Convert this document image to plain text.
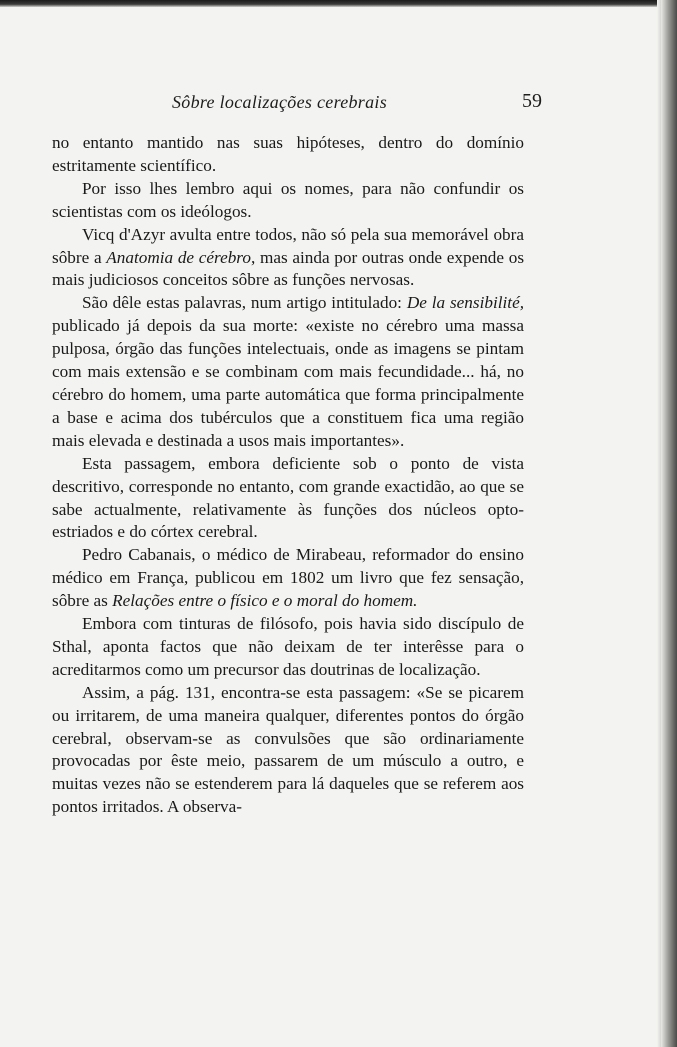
Sôbre localizações cerebrais	59

no entanto mantido nas suas hipóteses, dentro do domínio estritamente scientífico.

Por isso lhes lembro aqui os nomes, para não confundir os scientistas com os ideólogos.

Vicq d'Azyr avulta entre todos, não só pela sua memorável obra sôbre a Anatomia de cérebro, mas ainda por outras onde expende os mais judiciosos conceitos sôbre as funções nervosas.

São dêle estas palavras, num artigo intitulado: De la sensibilité, publicado já depois da sua morte: «existe no cérebro uma massa pulposa, órgão das funções intelectuais, onde as imagens se pintam com mais extensão e se combinam com mais fecundidade... há, no cérebro do homem, uma parte automática que forma principalmente a base e acima dos tubérculos que a constituem fica uma região mais elevada e destinada a usos mais importantes».

Esta passagem, embora deficiente sob o ponto de vista descritivo, corresponde no entanto, com grande exactidão, ao que se sabe actualmente, relativamente às funções dos núcleos opto-estriados e do córtex cerebral.

Pedro Cabanais, o médico de Mirabeau, reformador do ensino médico em França, publicou em 1802 um livro que fez sensação, sôbre as Relações entre o físico e o moral do homem.

Embora com tinturas de filósofo, pois havia sido discípulo de Sthal, aponta factos que não deixam de ter interêsse para o acreditarmos como um precursor das doutrinas de localização.

Assim, a pág. 131, encontra-se esta passagem: «Se se picarem ou irritarem, de uma maneira qualquer, diferentes pontos do órgão cerebral, observam-se as convulsões que são ordinariamente provocadas por êste meio, passarem de um músculo a outro, e muitas vezes não se estenderem para lá daqueles que se referem aos pontos irritados. A observa-
